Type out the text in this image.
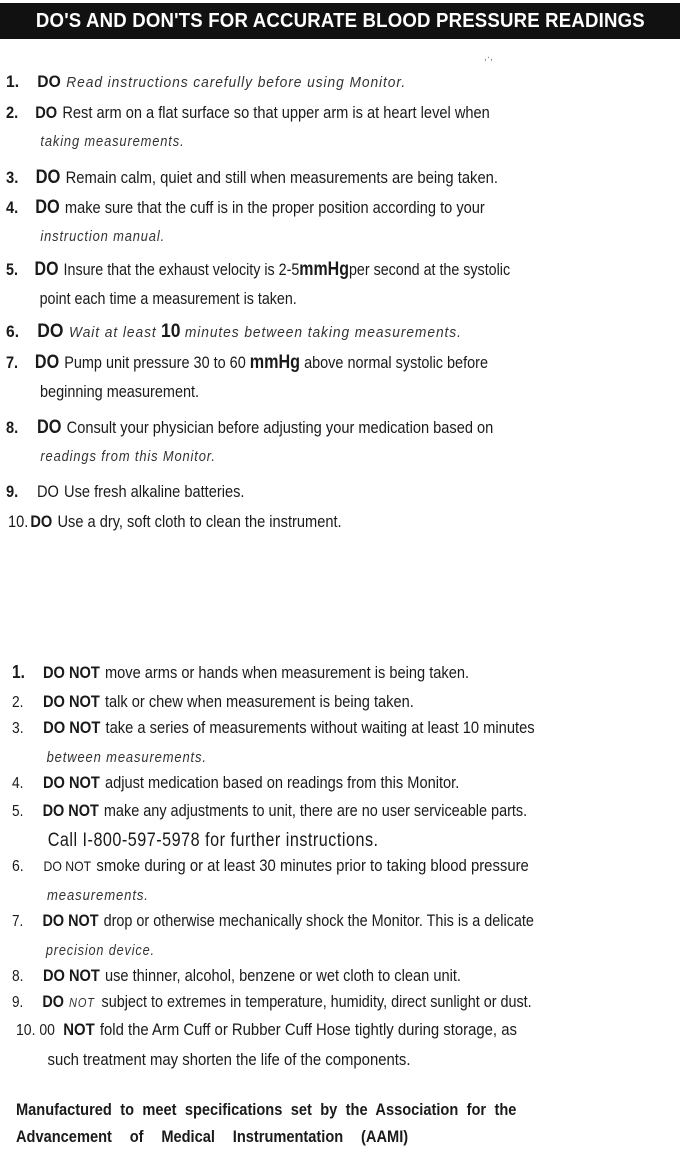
DO'S AND DON'TS FOR ACCURATE BLOOD PRESSURE READINGS
,·,
1. DO Read instructions carefully before using Monitor.
2. DO Rest arm on a flat surface so that upper arm is at heart level when
taking measurements.
3. DO Remain calm, quiet and still when measurements are being taken.
4. DO make sure that the cuff is in the proper position according to your
instruction manual.
5. DO Insure that the exhaust velocity is 2-5mmHgper second at the systolic
point each time a measurement is taken.
6. DO Wait at least 10 minutes between taking measurements.
7. DO Pump unit pressure 30 to 60 mmHg above normal systolic before
beginning measurement.
8. DO Consult your physician before adjusting your medication based on
readings from this Monitor.
9. DO Use fresh alkaline batteries.
10. DO Use a dry, soft cloth to clean the instrument.
1. DO NOT move arms or hands when measurement is being taken.
2. DO NOT talk or chew when measurement is being taken.
3. DO NOT take a series of measurements without waiting at least 10 minutes
between measurements.
4. DO NOT adjust medication based on readings from this Monitor.
5. DO NOT make any adjustments to unit, there are no user serviceable parts.
Call I-800-597-5978 for further instructions.
6. DO NOT smoke during or at least 30 minutes prior to taking blood pressure
measurements.
7. DO NOT drop or otherwise mechanically shock the Monitor. This is a delicate
precision device.
8. DO NOT use thinner, alcohol, benzene or wet cloth to clean unit.
9. DO NOT subject to extremes in temperature, humidity, direct sunlight or dust.
10. 00 NOT fold the Arm Cuff or Rubber Cuff Hose tightly during storage, as
such treatment may shorten the life of the components.
Manufactured to meet specifications set by the Association for the
Advancement of Medical Instrumentation (AAMI)
